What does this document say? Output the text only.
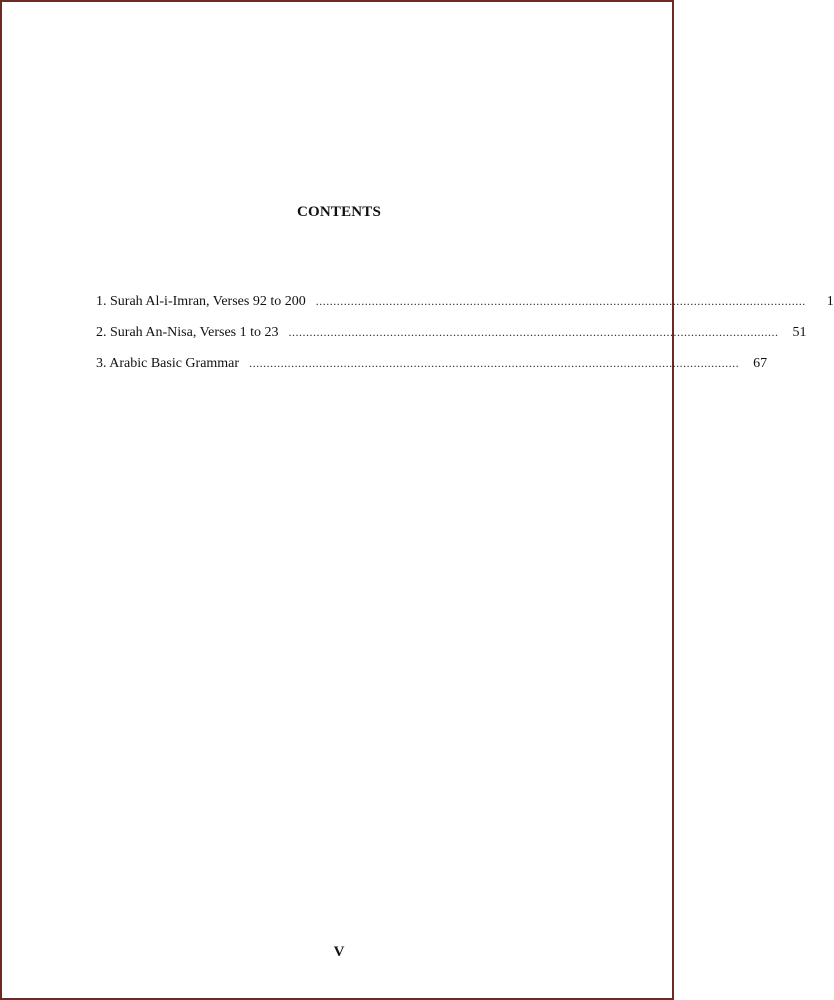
CONTENTS
1. Surah Al-i-Imran, Verses 92 to 200 ............................................................................................................................................	1
2. Surah An-Nisa, Verses 1 to 23 ............................................................................................................................................ 51
3. Arabic Basic Grammar ............................................................................................................................................ 67
V
